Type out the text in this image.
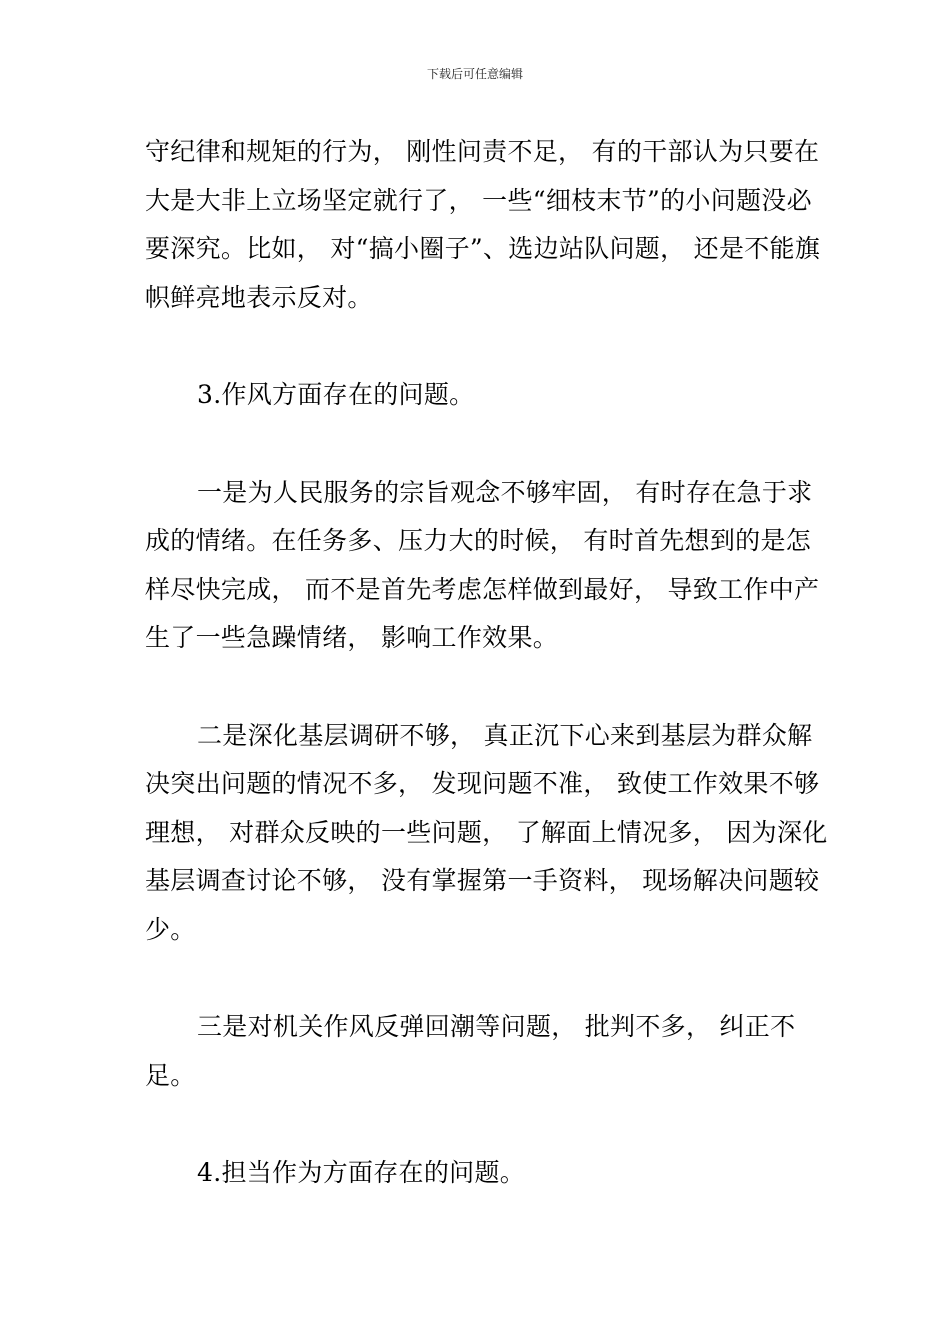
下载后可任意编辑

守纪律和规矩的行为， 刚性问责不足， 有的干部认为只要在大是大非上立场坚定就行了， 一些“细枝末节”的小问题没必要深究。比如， 对“搞小圈子”、选边站队问题， 还是不能旗帜鲜亮地表示反对。

3.作风方面存在的问题。

一是为人民服务的宗旨观念不够牢固， 有时存在急于求成的情绪。在任务多、压力大的时候， 有时首先想到的是怎样尽快完成， 而不是首先考虑怎样做到最好， 导致工作中产生了一些急躁情绪， 影响工作效果。

二是深化基层调研不够， 真正沉下心来到基层为群众解决突出问题的情况不多， 发现问题不准， 致使工作效果不够理想， 对群众反映的一些问题， 了解面上情况多， 因为深化基层调查讨论不够， 没有掌握第一手资料， 现场解决问题较少。

三是对机关作风反弹回潮等问题， 批判不多， 纠正不足。

4.担当作为方面存在的问题。
